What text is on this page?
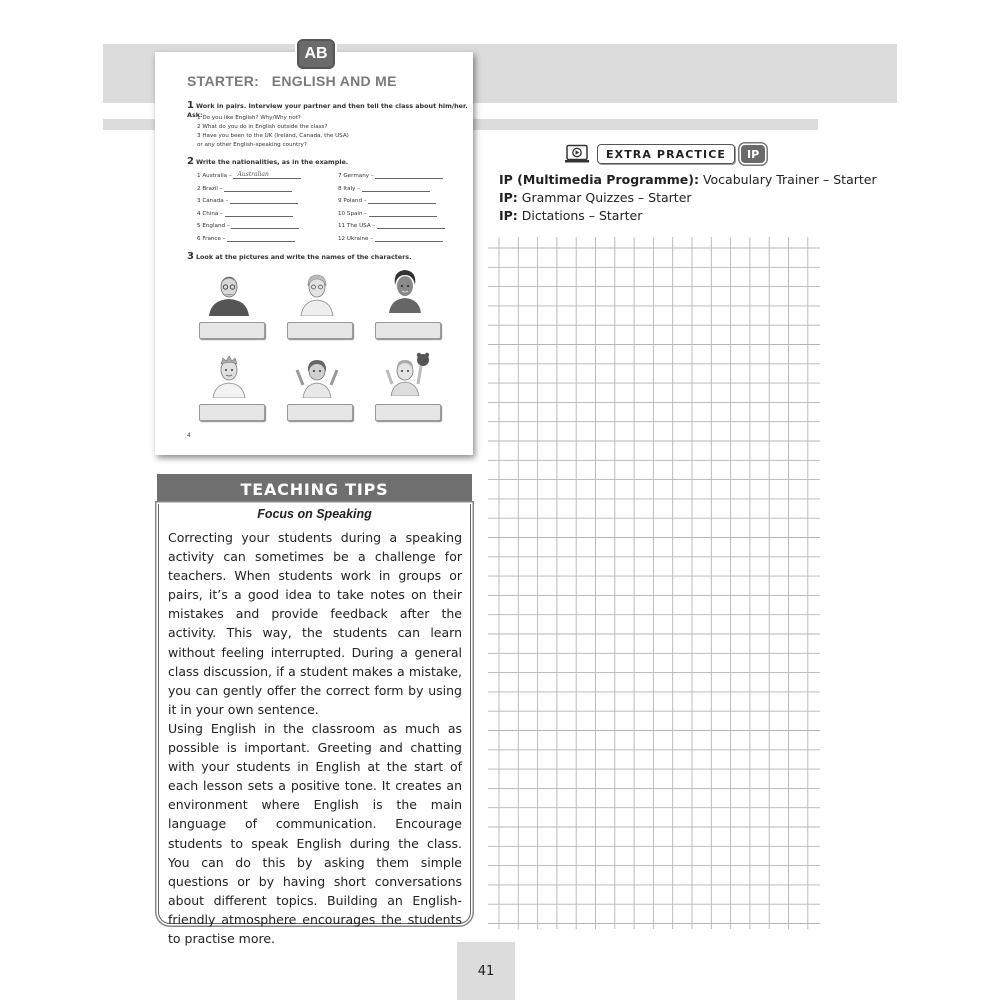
AB
STARTER:   ENGLISH AND ME
1 Work in pairs. Interview your partner and then tell the class about him/her. Ask:
1 Do you like English? Why/Why not?
2 What do you do in English outside the class?
3 Have you been to the UK (Ireland, Canada, the USA)
or any other English-speaking country?
2 Write the nationalities, as in the example.
1 Australia – Australian
2 Brazil –
3 Canada –
4 China –
5 England –
6 France –
7 Germany –
8 Italy –
9 Poland –
10 Spain –
11 The USA –
12 Ukraine –
3 Look at the pictures and write the names of the characters.
4
TEACHING TIPS
Focus on Speaking

Correcting your students during a speaking activity can sometimes be a challenge for teachers. When students work in groups or pairs, it’s a good idea to take notes on their mistakes and provide feedback after the activity. This way, the students can learn without feeling interrupted. During a general class discussion, if a student makes a mistake, you can gently offer the correct form by using it in your own sentence.

Using English in the classroom as much as possible is important. Greeting and chatting with your students in English at the start of each lesson sets a positive tone. It creates an environment where English is the main language of communication. Encourage students to speak English during the class. You can do this by asking them simple questions or by having short conversations about different topics. Building an English-friendly atmosphere encourages the students to practise more.

EXTRA PRACTICE	IP
IP (Multimedia Programme): Vocabulary Trainer – Starter
IP: Grammar Quizzes – Starter
IP: Dictations – Starter
41
